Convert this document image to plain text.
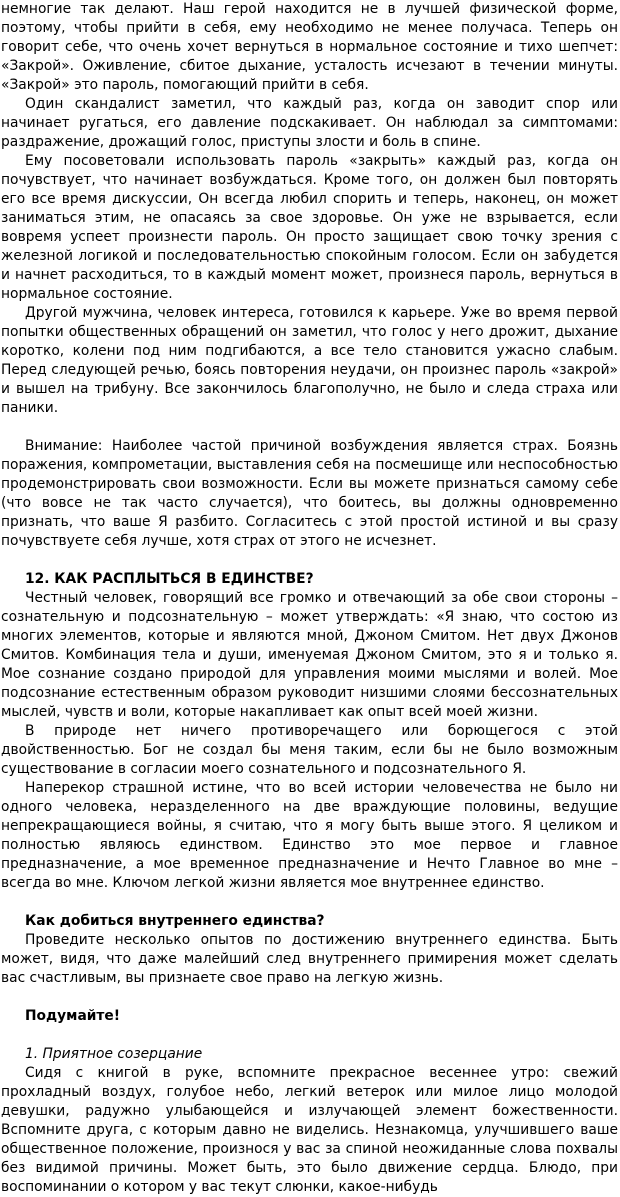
немногие так делают. Наш герой находится не в лучшей физической форме, поэтому, чтобы прийти в себя, ему необходимо не менее получаса. Теперь он говорит себе, что очень хочет вернуться в нормальное состояние и тихо шепчет: «Закрой». Оживление, сбитое дыхание, усталость исчезают в течении минуты. «Закрой» это пароль, помогающий прийти в себя.

Один скандалист заметил, что каждый раз, когда он заводит спор или начинает ругаться, его давление подскакивает. Он наблюдал за симптомами: раздражение, дрожащий голос, приступы злости и боль в спине.

Ему посоветовали использовать пароль «закрыть» каждый раз, когда он почувствует, что начинает возбуждаться. Кроме того, он должен был повторять его все время дискуссии, Он всегда любил спорить и теперь, наконец, он может заниматься этим, не опасаясь за свое здоровье. Он уже не взрывается, если вовремя успеет произнести пароль. Он просто защищает свою точку зрения с железной логикой и последовательностью спокойным голосом. Если он забудется и начнет расходиться, то в каждый момент может, произнеся пароль, вернуться в нормальное состояние.

Другой мужчина, человек интереса, готовился к карьере. Уже во время первой попытки общественных обращений он заметил, что голос у него дрожит, дыхание коротко, колени под ним подгибаются, а все тело становится ужасно слабым. Перед следующей речью, боясь повторения неудачи, он произнес пароль «закрой» и вышел на трибуну. Все закончилось благополучно, не было и следа страха или паники.

Внимание: Наиболее частой причиной возбуждения является страх. Боязнь поражения, компрометации, выставления себя на посмешище или неспособностью продемонстрировать свои возможности. Если вы можете признаться самому себе (что вовсе не так часто случается), что боитесь, вы должны одновременно признать, что ваше Я разбито. Согласитесь с этой простой истиной и вы сразу почувствуете себя лучше, хотя страх от этого не исчезнет.

12. КАК РАСПЛЫТЬСЯ В ЕДИНСТВЕ?

Честный человек, говорящий все громко и отвечающий за обе свои стороны – сознательную и подсознательную – может утверждать: «Я знаю, что состою из многих элементов, которые и являются мной, Джоном Смитом. Нет двух Джонов Смитов. Комбинация тела и души, именуемая Джоном Смитом, это я и только я. Мое сознание создано природой для управления моими мыслями и волей. Мое подсознание естественным образом руководит низшими слоями бессознательных мыслей, чувств и воли, которые накапливает как опыт всей моей жизни.

В природе нет ничего противоречащего или борющегося с этой двойственностью. Бог не создал бы меня таким, если бы не было возможным существование в согласии моего сознательного и подсознательного Я.

Наперекор страшной истине, что во всей истории человечества не было ни одного человека, неразделенного на две враждующие половины, ведущие непрекращающиеся войны, я считаю, что я могу быть выше этого. Я целиком и полностью являюсь единством. Единство это мое первое и главное предназначение, а мое временное предназначение и Нечто Главное во мне – всегда во мне. Ключом легкой жизни является мое внутреннее единство.

Как добиться внутреннего единства?

Проведите несколько опытов по достижению внутреннего единства. Быть может, видя, что даже малейший след внутреннего примирения может сделать вас счастливым, вы признаете свое право на легкую жизнь.

Подумайте!

1. Приятное созерцание

Сидя с книгой в руке, вспомните прекрасное весеннее утро: свежий прохладный воздух, голубое небо, легкий ветерок или милое лицо молодой девушки, радужно улыбающейся и излучающей элемент божественности. Вспомните друга, с которым давно не виделись. Незнакомца, улучшившего ваше общественное положение, произнося у вас за спиной неожиданные слова похвалы без видимой причины. Может быть, это было движение сердца. Блюдо, при воспоминании о котором у вас текут слюнки, какое-нибудь
